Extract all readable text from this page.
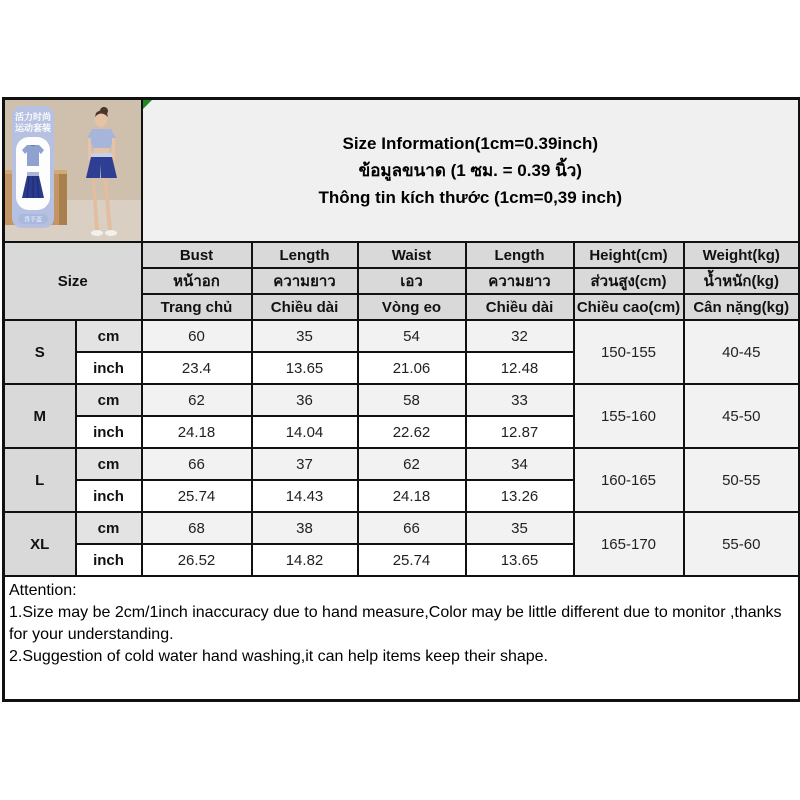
活力时尚
运动套装
香芋蓝

Size Information(1cm=0.39inch)
ข้อมูลขนาด (1 ซม. = 0.39 นิ้ว)
Thông tin kích thước (1cm=0,39 inch)

Size		Bust	Length	Waist	Length	Height(cm)	Weight(kg)
		หน้าอก	ความยาว	เอว	ความยาว	ส่วนสูง(cm)	น้ำหนัก(kg)
		Trang chủ	Chiều dài	Vòng eo	Chiều dài	Chiều cao(cm)	Cân nặng(kg)
S	cm	60	35	54	32	150-155	40-45
	inch	23.4	13.65	21.06	12.48		
M	cm	62	36	58	33	155-160	45-50
	inch	24.18	14.04	22.62	12.87		
L	cm	66	37	62	34	160-165	50-55
	inch	25.74	14.43	24.18	13.26		
XL	cm	68	38	66	35	165-170	55-60
	inch	26.52	14.82	25.74	13.65		

Attention:
1.Size may be 2cm/1inch inaccuracy due to hand measure,Color may be little different due to monitor ,thanks for your understanding.
2.Suggestion of cold water hand washing,it can help items keep their shape.							
